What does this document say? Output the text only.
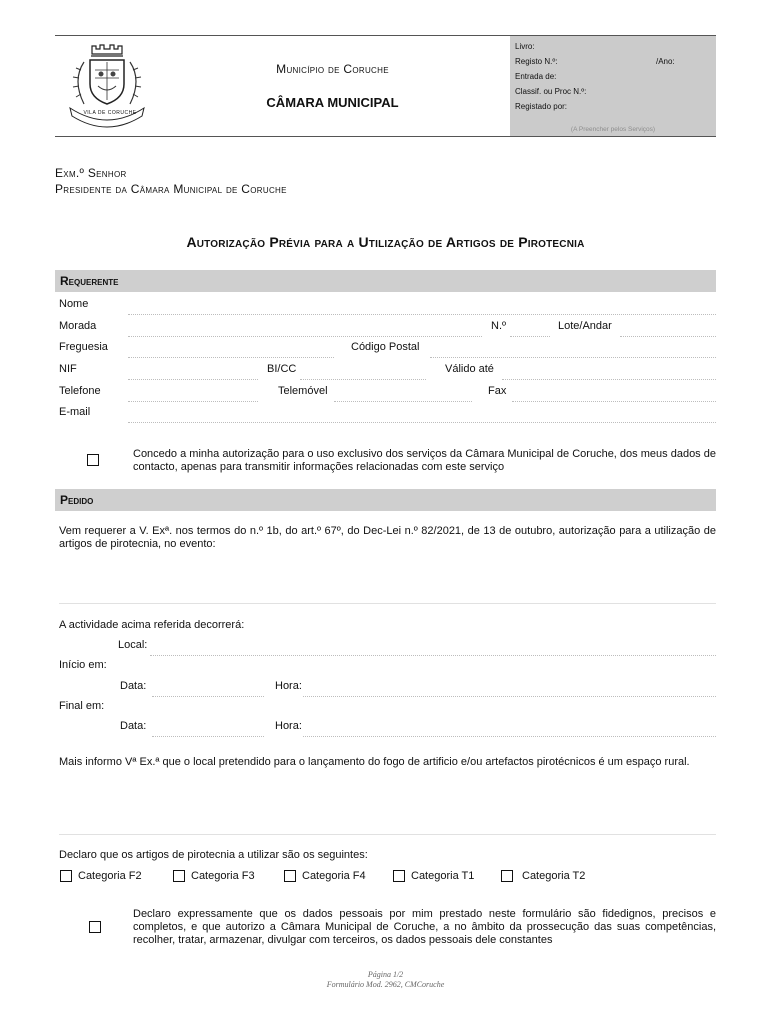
VILA DE CORUCHE
Município de Coruche
CÂMARA MUNICIPAL
Livro:
Registo N.º:	/Ano:
Entrada de:
Classif. ou Proc N.º:
Registado por:
(A Preencher pelos Serviços)
Exm.º Senhor
Presidente da Câmara Municipal de Coruche
Autorização Prévia para a Utilização de Artigos de Pirotecnia
Requerente
Nome
Morada	N.º	Lote/Andar
Freguesia	Código Postal
NIF	BI/CC	Válido até
Telefone	Telemóvel	Fax
E-mail
Concedo a minha autorização para o uso exclusivo dos serviços da Câmara Municipal de Coruche, dos meus dados de contacto, apenas para transmitir informações relacionadas com este serviço
Pedido
Vem requerer a V. Exª. nos termos do n.º 1b, do art.º 67º, do Dec-Lei n.º 82/2021, de 13 de outubro, autorização para a utilização de artigos de pirotecnia, no evento:
A actividade acima referida decorrerá:
Local:
Início em:
Data:	Hora:
Final em:
Data:	Hora:
Mais informo Vª Ex.ª que o local pretendido para o lançamento do fogo de artificio e/ou artefactos pirotécnicos é um espaço rural.
Declaro que os artigos de pirotecnia a utilizar são os seguintes:
Categoria F2	Categoria F3	Categoria F4	Categoria T1	Categoria T2
Declaro expressamente que os dados pessoais por mim prestado neste formulário são fidedignos, precisos e completos, e que autorizo a Câmara Municipal de Coruche, a no âmbito da prossecução das suas competências, recolher, tratar, armazenar, divulgar com terceiros, os dados pessoais dele constantes
Página 1/2
Formulário Mod. 2962, CMCoruche
